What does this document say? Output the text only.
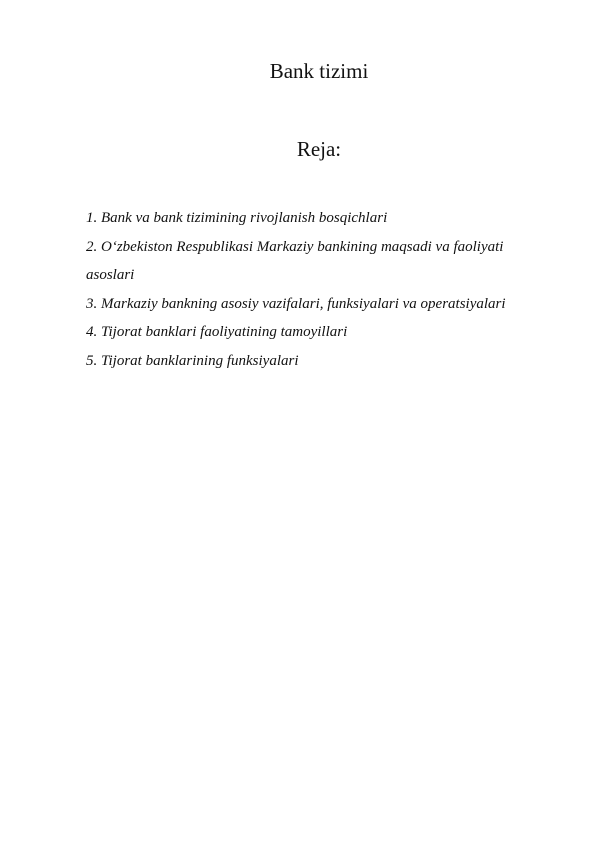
Bank tizimi
Reja:
1. Bank va bank tizimining rivojlanish bosqichlari
2. O‘zbekiston Respublikasi Markaziy bankining maqsadi va faoliyati asoslari
3. Markaziy bankning asosiy vazifalari, funksiyalari va operatsiyalari
4. Tijorat banklari faoliyatining tamoyillari
5. Tijorat banklarining funksiyalari
